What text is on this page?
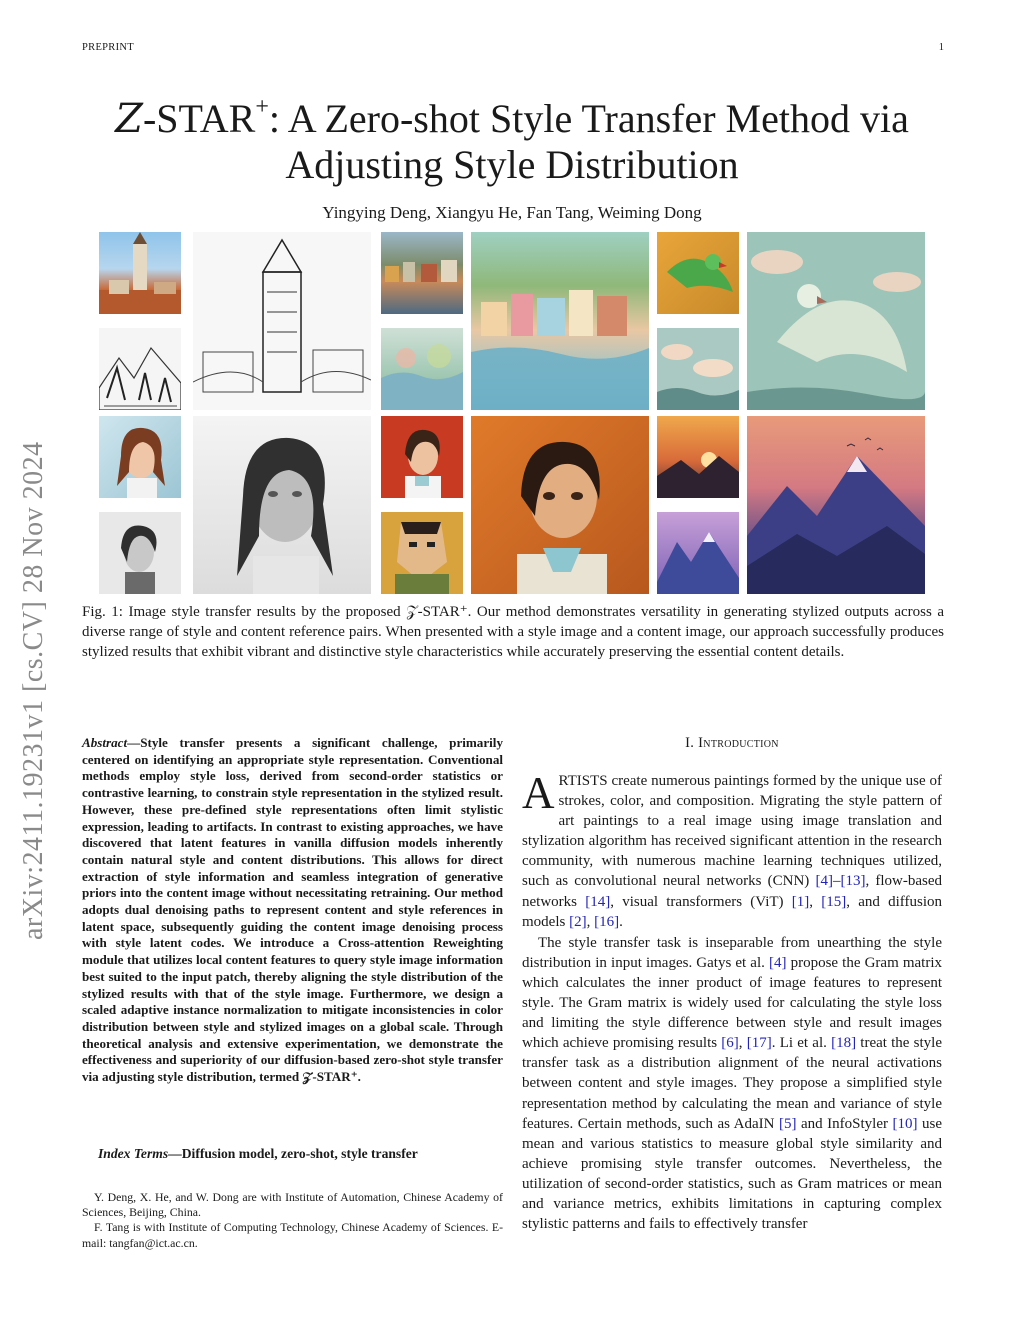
PREPRINT	1
Z-STAR+: A Zero-shot Style Transfer Method via
Adjusting Style Distribution
Yingying Deng, Xiangyu He, Fan Tang, Weiming Dong
arXiv:2411.19231v1 [cs.CV] 28 Nov 2024 Fig. 1: Image style transfer results by the proposed 𝒵-STAR⁺. Our method demonstrates versatility in generating stylized outputs across a diverse range of style and content reference pairs. When presented with a style image and a content image, our approach successfully produces stylized results that exhibit vibrant and distinctive style characteristics while accurately preserving the essential content details.
Abstract—Style transfer presents a significant challenge, primarily centered on identifying an appropriate style representation. Conventional methods employ style loss, derived from second-order statistics or contrastive learning, to constrain style representation in the stylized result. However, these pre-defined style representations often limit stylistic expression, leading to artifacts. In contrast to existing approaches, we have discovered that latent features in vanilla diffusion models inherently contain natural style and content distributions. This allows for direct extraction of style information and seamless integration of generative priors into the content image without necessitating retraining. Our method adopts dual denoising paths to represent content and style references in latent space, subsequently guiding the content image denoising process with style latent codes. We introduce a Cross-attention Reweighting module that utilizes local content features to query style image information best suited to the input patch, thereby aligning the style distribution of the stylized results with that of the style image. Furthermore, we design a scaled adaptive instance normalization to mitigate inconsistencies in color distribution between style and stylized images on a global scale. Through theoretical analysis and extensive experimentation, we demonstrate the effectiveness and superiority of our diffusion-based zero-shot style transfer via adjusting style distribution, termed 𝒵-STAR⁺.
Index Terms—Diffusion model, zero-shot, style transfer

Y. Deng, X. He, and W. Dong are with Institute of Automation, Chinese Academy of Sciences, Beijing, China.

F. Tang is with Institute of Computing Technology, Chinese Academy of Sciences. E-mail: tangfan@ict.ac.cn.

I. Introduction

ARTISTS create numerous paintings formed by the unique use of strokes, color, and composition. Migrating the style pattern of art paintings to a real image using image translation and stylization algorithm has received significant attention in the research community, with numerous machine learning techniques utilized, such as convolutional neural networks (CNN) [4]–[13], flow-based networks [14], visual transformers (ViT) [1], [15], and diffusion models [2], [16].

The style transfer task is inseparable from unearthing the style distribution in input images. Gatys et al. [4] propose the Gram matrix which calculates the inner product of image features to represent style. The Gram matrix is widely used for calculating the style loss and limiting the style difference between style and result images which achieve promising results [6], [17]. Li et al. [18] treat the style transfer task as a distribution alignment of the neural activations between content and style images. They propose a simplified style representation method by calculating the mean and variance of style features. Certain methods, such as AdaIN [5] and InfoStyler [10] use mean and various statistics to measure global style similarity and achieve promising style transfer outcomes. Nevertheless, the utilization of second-order statistics, such as Gram matrices or mean and variance metrics, exhibits limitations in capturing complex stylistic patterns and fails to effectively transfer
